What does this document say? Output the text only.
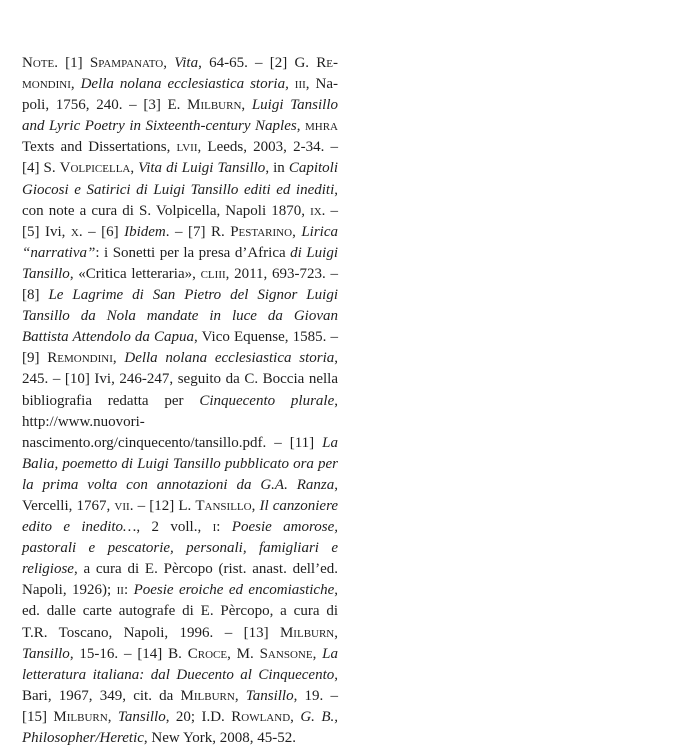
Note. [1] Spampanato, Vita, 64-65. – [2] G. Remondini, Della nolana ecclesiastica storia, iii, Napoli, 1756, 240. – [3] E. Milburn, Luigi Tansillo and Lyric Poetry in Sixteenth-century Naples, mhra Texts and Dissertations, lvii, Leeds, 2003, 2-34. – [4] S. Volpicella, Vita di Luigi Tansillo, in Capitoli Giocosi e Satirici di Luigi Tansillo editi ed inediti, con note a cura di S. Volpicella, Napoli 1870, ix. – [5] Ivi, x. – [6] Ibidem. – [7] R. Pestarino, Lirica “narrativa”: i Sonetti per la presa d’Africa di Luigi Tansillo, «Critica letteraria», cliii, 2011, 693-723. – [8] Le Lagrime di San Pietro del Signor Luigi Tansillo da Nola mandate in luce da Giovan Battista Attendolo da Capua, Vico Equense, 1585. – [9] Remondini, Della nolana ecclesiastica storia, 245. – [10] Ivi, 246-247, seguito da C. Boccia nella bibliografia redatta per Cinquecento plurale, http://www.nuovorinascimento.org/cinquecento/tansillo.pdf. – [11] La Balia, poemetto di Luigi Tansillo pubblicato ora per la prima volta con annotazioni da G.A. Ranza, Vercelli, 1767, vii. – [12] L. Tansillo, Il canzoniere edito e inedito…, 2 voll., i: Poesie amorose, pastorali e pescatorie, personali, famigliari e religiose, a cura di E. Pèrcopo (rist. anast. dell’ed. Napoli, 1926); ii: Poesie eroiche ed encomiastiche, ed. dalle carte autografe di E. Pèrcopo, a cura di T.R. Toscano, Napoli, 1996. – [13] Milburn, Tansillo, 15-16. – [14] B. Croce, M. Sansone, La letteratura italiana: dal Duecento al Cinquecento, Bari, 1967, 349, cit. da Milburn, Tansillo, 19. – [15] Milburn, Tansillo, 20; I.D. Rowland, G. B., Philosopher/Heretic, New York, 2008, 45-52.
